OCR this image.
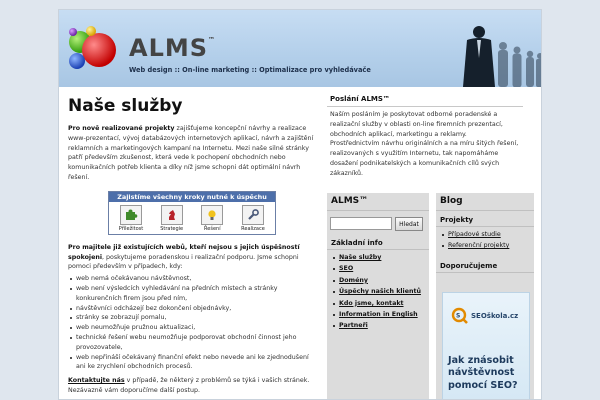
ALMS™
Web design :: On-line marketing :: Optimalizace pro vyhledávače
Naše služby

Pro nově realizované projekty zajišťujeme koncepční návrhy a realizace www-prezentací, vývoj databázových internetových aplikací, návrh a zajištění reklamních a marketingových kampaní na Internetu. Mezi naše silné stránky patří především zkušenost, která vede k pochopení obchodních nebo komunikačních potřeb klienta a díky níž jsme schopni dát optimální návrh řešení.

Zajistíme všechny kroky nutné k úspěchu
Příležitost	Strategie	Řešení	Realizace

Pro majitele již existujících webů, kteří nejsou s jejich úspěšností spokojeni, poskytujeme poradenskou i realizační podporu. Jsme schopni pomoci především v případech, kdy:

web nemá očekávanou návštěvnost,
web není výsledcích vyhledávání na předních místech a stránky konkurenčních firem jsou před ním,
návštěvníci odcházejí bez dokončení objednávky,
stránky se zobrazují pomalu,
web neumožňuje pružnou aktualizaci,
technické řešení webu neumožňuje podporovat obchodní činnost jeho provozovatele,
web nepřináší očekávaný finanční efekt nebo nevede ani ke zjednodušení ani ke zrychlení obchodních procesů.

Kontaktujte nás v případě, že některý z problémů se týká i vašich stránek. Nezávazně vám doporučíme další postup.

Poslání ALMS™

Naším posláním je poskytovat odborné poradenské a realizační služby v oblasti on-line firemních prezentací, obchodních aplikací, marketingu a reklamy.

Prostřednictvím návrhu originálních a na míru šitých řešení, realizovaných s využitím Internetu, tak napomáháme dosažení podnikatelských a komunikačních cílů svých zákazníků.

ALMS™
Hledat
Základní info
Naše služby
SEO
Domény
Úspěchy našich klientů
Kdo jsme, kontakt
Information in English
Partneři
Blog
Projekty
Případové studie
Referenční projekty
Doporučujeme
S SEOškola.cz
Jak znásobit návštěvnost pomocí SEO?
